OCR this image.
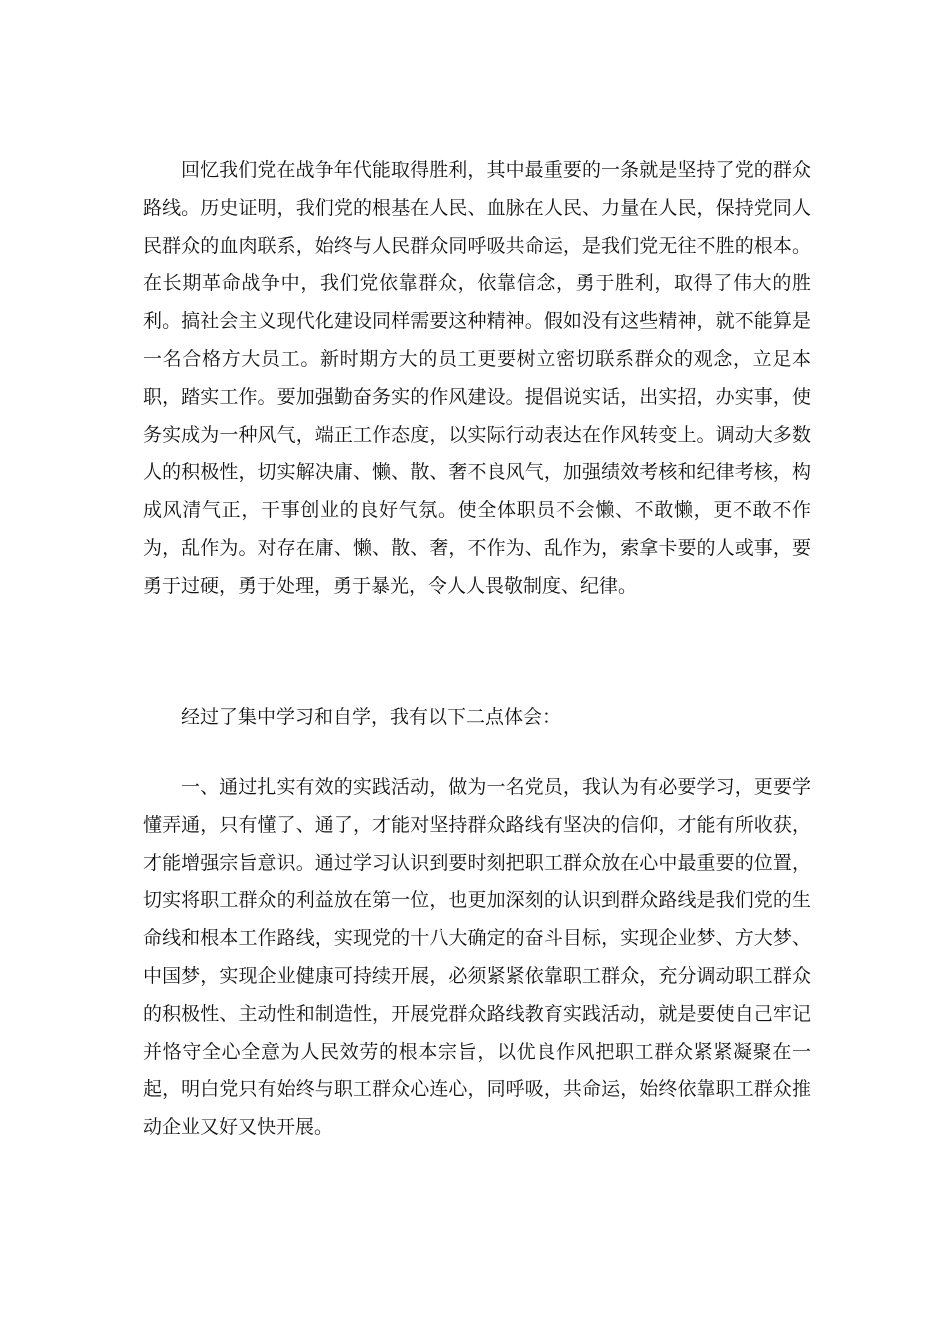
回忆我们党在战争年代能取得胜利，其中最重要的一条就是坚持了党的群众路线。历史证明，我们党的根基在人民、血脉在人民、力量在人民，保持党同人民群众的血肉联系，始终与人民群众同呼吸共命运，是我们党无往不胜的根本。在长期革命战争中，我们党依靠群众，依靠信念，勇于胜利，取得了伟大的胜利。搞社会主义现代化建设同样需要这种精神。假如没有这些精神，就不能算是一名合格方大员工。新时期方大的员工更要树立密切联系群众的观念，立足本职，踏实工作。要加强勤奋务实的作风建设。提倡说实话，出实招，办实事，使务实成为一种风气，端正工作态度，以实际行动表达在作风转变上。调动大多数人的积极性，切实解决庸、懒、散、奢不良风气，加强绩效考核和纪律考核，构成风清气正，干事创业的良好气氛。使全体职员不会懒、不敢懒，更不敢不作为，乱作为。对存在庸、懒、散、奢，不作为、乱作为，索拿卡要的人或事，要勇于过硬，勇于处理，勇于暴光，令人人畏敬制度、纪律。

经过了集中学习和自学，我有以下二点体会：

一、通过扎实有效的实践活动，做为一名党员，我认为有必要学习，更要学懂弄通，只有懂了、通了，才能对坚持群众路线有坚决的信仰，才能有所收获，才能增强宗旨意识。通过学习认识到要时刻把职工群众放在心中最重要的位置，切实将职工群众的利益放在第一位，也更加深刻的认识到群众路线是我们党的生命线和根本工作路线，实现党的十八大确定的奋斗目标，实现企业梦、方大梦、中国梦，实现企业健康可持续开展，必须紧紧依靠职工群众，充分调动职工群众的积极性、主动性和制造性，开展党群众路线教育实践活动，就是要使自己牢记并恪守全心全意为人民效劳的根本宗旨，以优良作风把职工群众紧紧凝聚在一起，明白党只有始终与职工群众心连心，同呼吸，共命运，始终依靠职工群众推动企业又好又快开展。
